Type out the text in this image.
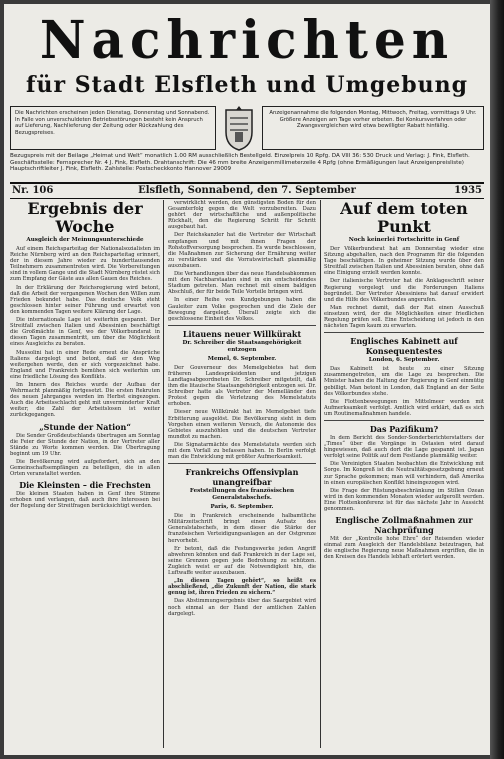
Nachrichten
für Stadt Elsfleth und Umgebung
Die Nachrichten erscheinen jeden Dienstag, Donnerstag und Sonnabend. In Falle von unverschuldeten Betriebsstörungen besteht kein Anspruch auf Lieferung, Nachlieferung der Zeitung oder Rückzahlung des Bezugspreises.
Anzeigenannahme die folgenden Montag, Mittwoch, Freitag, vormittags 9 Uhr. Größere Anzeigen am Tage vorher erbeten. Bei Konkursverfahren oder Zwangsvergleichen wird etwa bewilligter Rabatt hinfällig.
Bezugspreis mit der Beilage „Heimat und Welt“ monatlich 1.00 RM ausschließlich Bestellgeld. Einzelpreis 10 Rpfg. DA VIII 36: 530 Druck und Verlag: J. Fink, Elsfleth. Geschäftsstelle: Fernsprecher Nr. 4 J. Fink, Elsfleth. Drahtanschrift: Die 46 mm breite Anzeigenmillimeterzeile 4 Rpfg (ohne Ermäßigungen laut Anzeigenpreisliste) Hauptschriftleiter J. Fink, Elsfleth. Zahlstelle: Postscheckkonto Hannover 29009
Nr. 106	Elsfleth, Sonnabend, den 7. September	1935
Ergebnis der Woche
Ausgleich der Meinungsunterschiede

Auf einem Reichsparteitag der Nationalsozialisten im Reiche Nürnberg wird an den Reichsparteitag erinnert, der in diesem Jahre wieder zu hunderttausenden Teilnehmern zusammentreten wird. Die Vorbereitungen sind in vollem Gange und die Stadt Nürnberg rüstet sich zum Empfang der Gäste aus allen Gauen des Reiches.

In der Erklärung der Reichsregierung wird betont, daß die Arbeit der vergangenen Wochen den Willen zum Frieden bekundet habe. Das deutsche Volk steht geschlossen hinter seiner Führung und erwartet von den kommenden Tagen weitere Klärung der Lage.

Die internationale Lage ist weiterhin gespannt. Der Streitfall zwischen Italien und Abessinien beschäftigt die Großmächte in Genf, wo der Völkerbundsrat in diesen Tagen zusammentritt, um über die Möglichkeit eines Ausgleichs zu beraten.

Mussolini hat in einer Rede erneut die Ansprüche Italiens dargelegt und betont, daß er den Weg weitergehen werde, den er sich vorgezeichnet habe. England und Frankreich bemühen sich weiterhin um eine friedliche Lösung des Konflikts.

Im Innern des Reiches wurde der Aufbau der Wehrmacht planmäßig fortgesetzt. Die ersten Rekruten des neuen Jahrganges werden im Herbst eingezogen. Auch die Arbeitsschlacht geht mit unverminderter Kraft weiter; die Zahl der Arbeitslosen ist weiter zurückgegangen.

„Stunde der Nation“

Die Sender Großdeutschlands übertragen am Sonntag die Feier der Stunde der Nation, in der Vertreter aller Stände zu Worte kommen werden. Die Übertragung beginnt um 19 Uhr.

Die Bevölkerung wird aufgefordert, sich an den Gemeinschaftsempfängen zu beteiligen, die in allen Orten veranstaltet werden.

Die Kleinsten – die Frechsten

Die kleinen Staaten haben in Genf ihre Stimme erhoben und verlangen, daß auch ihre Interessen bei der Regelung der Streitfragen berücksichtigt werden.

verwirklicht werden, den günstigsten Boden für den Gesamterfolg gegen die Welt vorzubereiten. Dazu gehört der wirtschaftliche und außenpolitische Rückhalt, den die Regierung Schritt für Schritt ausgebaut hat.

Der Reichskanzler hat die Vertreter der Wirtschaft empfangen und mit ihnen Fragen der Rohstoffversorgung besprochen. Es wurde beschlossen, die Maßnahmen zur Sicherung der Ernährung weiter zu verstärken und die Vorratswirtschaft planmäßig auszubauen.

Die Verhandlungen über das neue Handelsabkommen mit den Nachbarstaaten sind in ein entscheidendes Stadium getreten. Man rechnet mit einem baldigen Abschluß, der für beide Teile Vorteile bringen wird.

In einer Reihe von Kundgebungen haben die Gauleiter zum Volke gesprochen und die Ziele der Bewegung dargelegt. Überall zeigte sich die geschlossene Einheit des Volkes.

Litauens neuer Willkürakt
Dr. Schreiber die Staatsangehörigkeit entzogen
Memel, 6. September.

Der Gouverneur des Memelgebietes hat dem früheren Landespräsidenten und jetzigen Landtagsabgeordneten Dr. Schreiber mitgeteilt, daß ihm die litauische Staatsangehörigkeit entzogen sei. Dr. Schreiber hatte als Vertreter der Memelländer den Protest gegen die Verletzung des Memelstatuts erhoben.

Dieser neue Willkürakt hat im Memelgebiet tiefe Erbitterung ausgelöst. Die Bevölkerung sieht in dem Vorgehen einen weiteren Versuch, die Autonomie des Gebietes auszuhöhlen und die deutschen Vertreter mundtot zu machen.

Die Signatarmächte des Memelstatuts werden sich mit dem Vorfall zu befassen haben. In Berlin verfolgt man die Entwicklung mit größter Aufmerksamkeit.

Frankreichs Offensivplan unangreifbar
Feststellungen des französischen Generalstabschefs.
Paris, 6. September.

Die in Frankreich erscheinende halbamtliche Militärzeitschrift bringt einen Aufsatz des Generalstabschefs, in dem dieser die Stärke der französischen Verteidigungsanlagen an der Ostgrenze hervorhebt.

Er betont, daß die Festungswerke jeden Angriff abwehren könnten und daß Frankreich in der Lage sei, seine Grenzen gegen jede Bedrohung zu schützen. Zugleich weist er auf die Notwendigkeit hin, die Luftwaffe weiter auszubauen.

„In diesen Tagen gehört“, so heißt es abschließend, „die Zukunft der Nation, die stark genug ist, ihren Frieden zu sichern.“

Das Abstimmungsergebnis über das Saargebiet wird noch einmal an der Hand der amtlichen Zahlen dargelegt.

Auf dem toten Punkt
Noch keinerlei Fortschritte in Genf

Der Völkerbundsrat hat am Donnerstag wieder eine Sitzung abgehalten, nach den Programm für die folgenden Tage beschäftigen. In geheimer Sitzung wurde über den Streitfall zwischen Italien und Abessinien beraten, ohne daß eine Einigung erzielt werden konnte.

Der italienische Vertreter hat die Anklageschrift seiner Regierung vorgelegt und die Forderungen Italiens begründet. Der Vertreter Abessiniens hat darauf erwidert und die Hilfe des Völkerbundes angerufen.

Man rechnet damit, daß der Rat einen Ausschuß einsetzen wird, der die Möglichkeiten einer friedlichen Regelung prüfen soll. Eine Entscheidung ist jedoch in den nächsten Tagen kaum zu erwarten.

Englisches Kabinett auf Konsequentestes
London, 6. September.

Das Kabinett ist heute zu einer Sitzung zusammengetreten, um die Lage zu besprechen. Die Minister haben die Haltung der Regierung in Genf einmütig gebilligt. Man betont in London, daß England an der Seite des Völkerbundes stehe.

Die Flottenbewegungen im Mittelmeer werden mit Aufmerksamkeit verfolgt. Amtlich wird erklärt, daß es sich um Routinemaßnahmen handele.

Das Pazifikum?

In dem Bericht des Sonder-Sonderberichterstatters der „Times“ über die Vorgänge in Ostasien wird darauf hingewiesen, daß auch dort die Lage gespannt ist. Japan verfolgt seine Politik auf dem Festlande planmäßig weiter.

Die Vereinigten Staaten beobachten die Entwicklung mit Sorge. Im Kongreß ist die Neutralitätsgesetzgebung erneut zur Sprache gekommen; man will verhindern, daß Amerika in einen europäischen Konflikt hineingezogen wird.

Die Frage der Rüstungsbeschränkung im Stillen Ozean wird in den kommenden Monaten wieder aufgerollt werden. Eine Flottenkonferenz ist für das nächste Jahr in Aussicht genommen.

Englische Zollmaßnahmen zur Nachprüfung

Mit der „Kontrolle hohe Ehre“ der Reisenden wieder einmal zum Ausgleich der Handelsbilanz beizutragen, hat die englische Regierung neue Maßnahmen ergriffen, die in den Kreisen des Handels lebhaft erörtert werden.
